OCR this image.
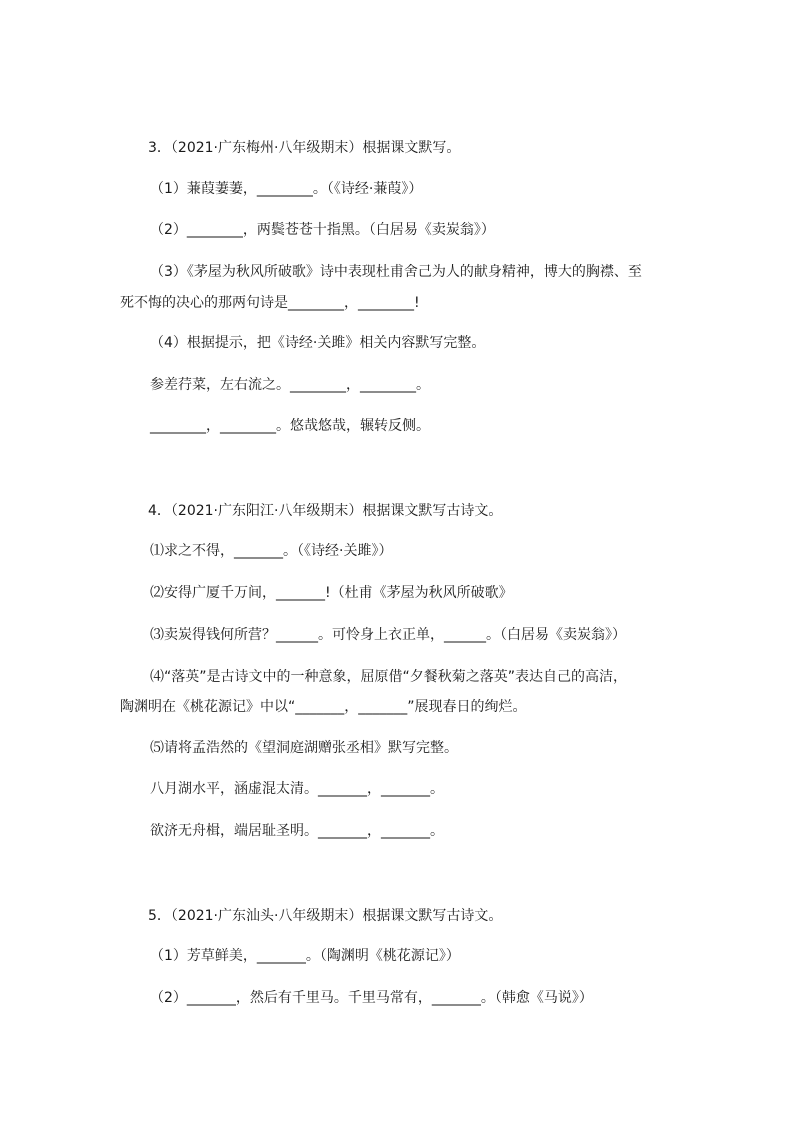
3．（2021·广东梅州·八年级期末）根据课文默写。
（1）蒹葭萋萋，________。（《诗经·蒹葭》）
（2）________，两鬓苍苍十指黑。（白居易《卖炭翁》）
（3）《茅屋为秋风所破歌》诗中表现杜甫舍己为人的献身精神，博大的胸襟、至
死不悔的决心的那两句诗是________，________!
（4）根据提示，把《诗经·关雎》相关内容默写完整。
参差荇菜，左右流之。________，________。
________，________。悠哉悠哉，辗转反侧。
4．（2021·广东阳江·八年级期末）根据课文默写古诗文。
⑴求之不得，_______。（《诗经·关雎》）
⑵安得广厦千万间，_______!（杜甫《茅屋为秋风所破歌》
⑶卖炭得钱何所营？______。可怜身上衣正单，______。（白居易《卖炭翁》）
⑷“落英”是古诗文中的一种意象，屈原借“夕餐秋菊之落英”表达自己的高洁，
陶渊明在《桃花源记》中以“_______，_______”展现春日的绚烂。
⑸请将孟浩然的《望洞庭湖赠张丞相》默写完整。
八月湖水平，涵虚混太清。_______，_______。
欲济无舟楫，端居耻圣明。_______，_______。
5．（2021·广东汕头·八年级期末）根据课文默写古诗文。
（1）芳草鲜美，_______。（陶渊明《桃花源记》）
（2）_______，然后有千里马。千里马常有，_______。（韩愈《马说》）
